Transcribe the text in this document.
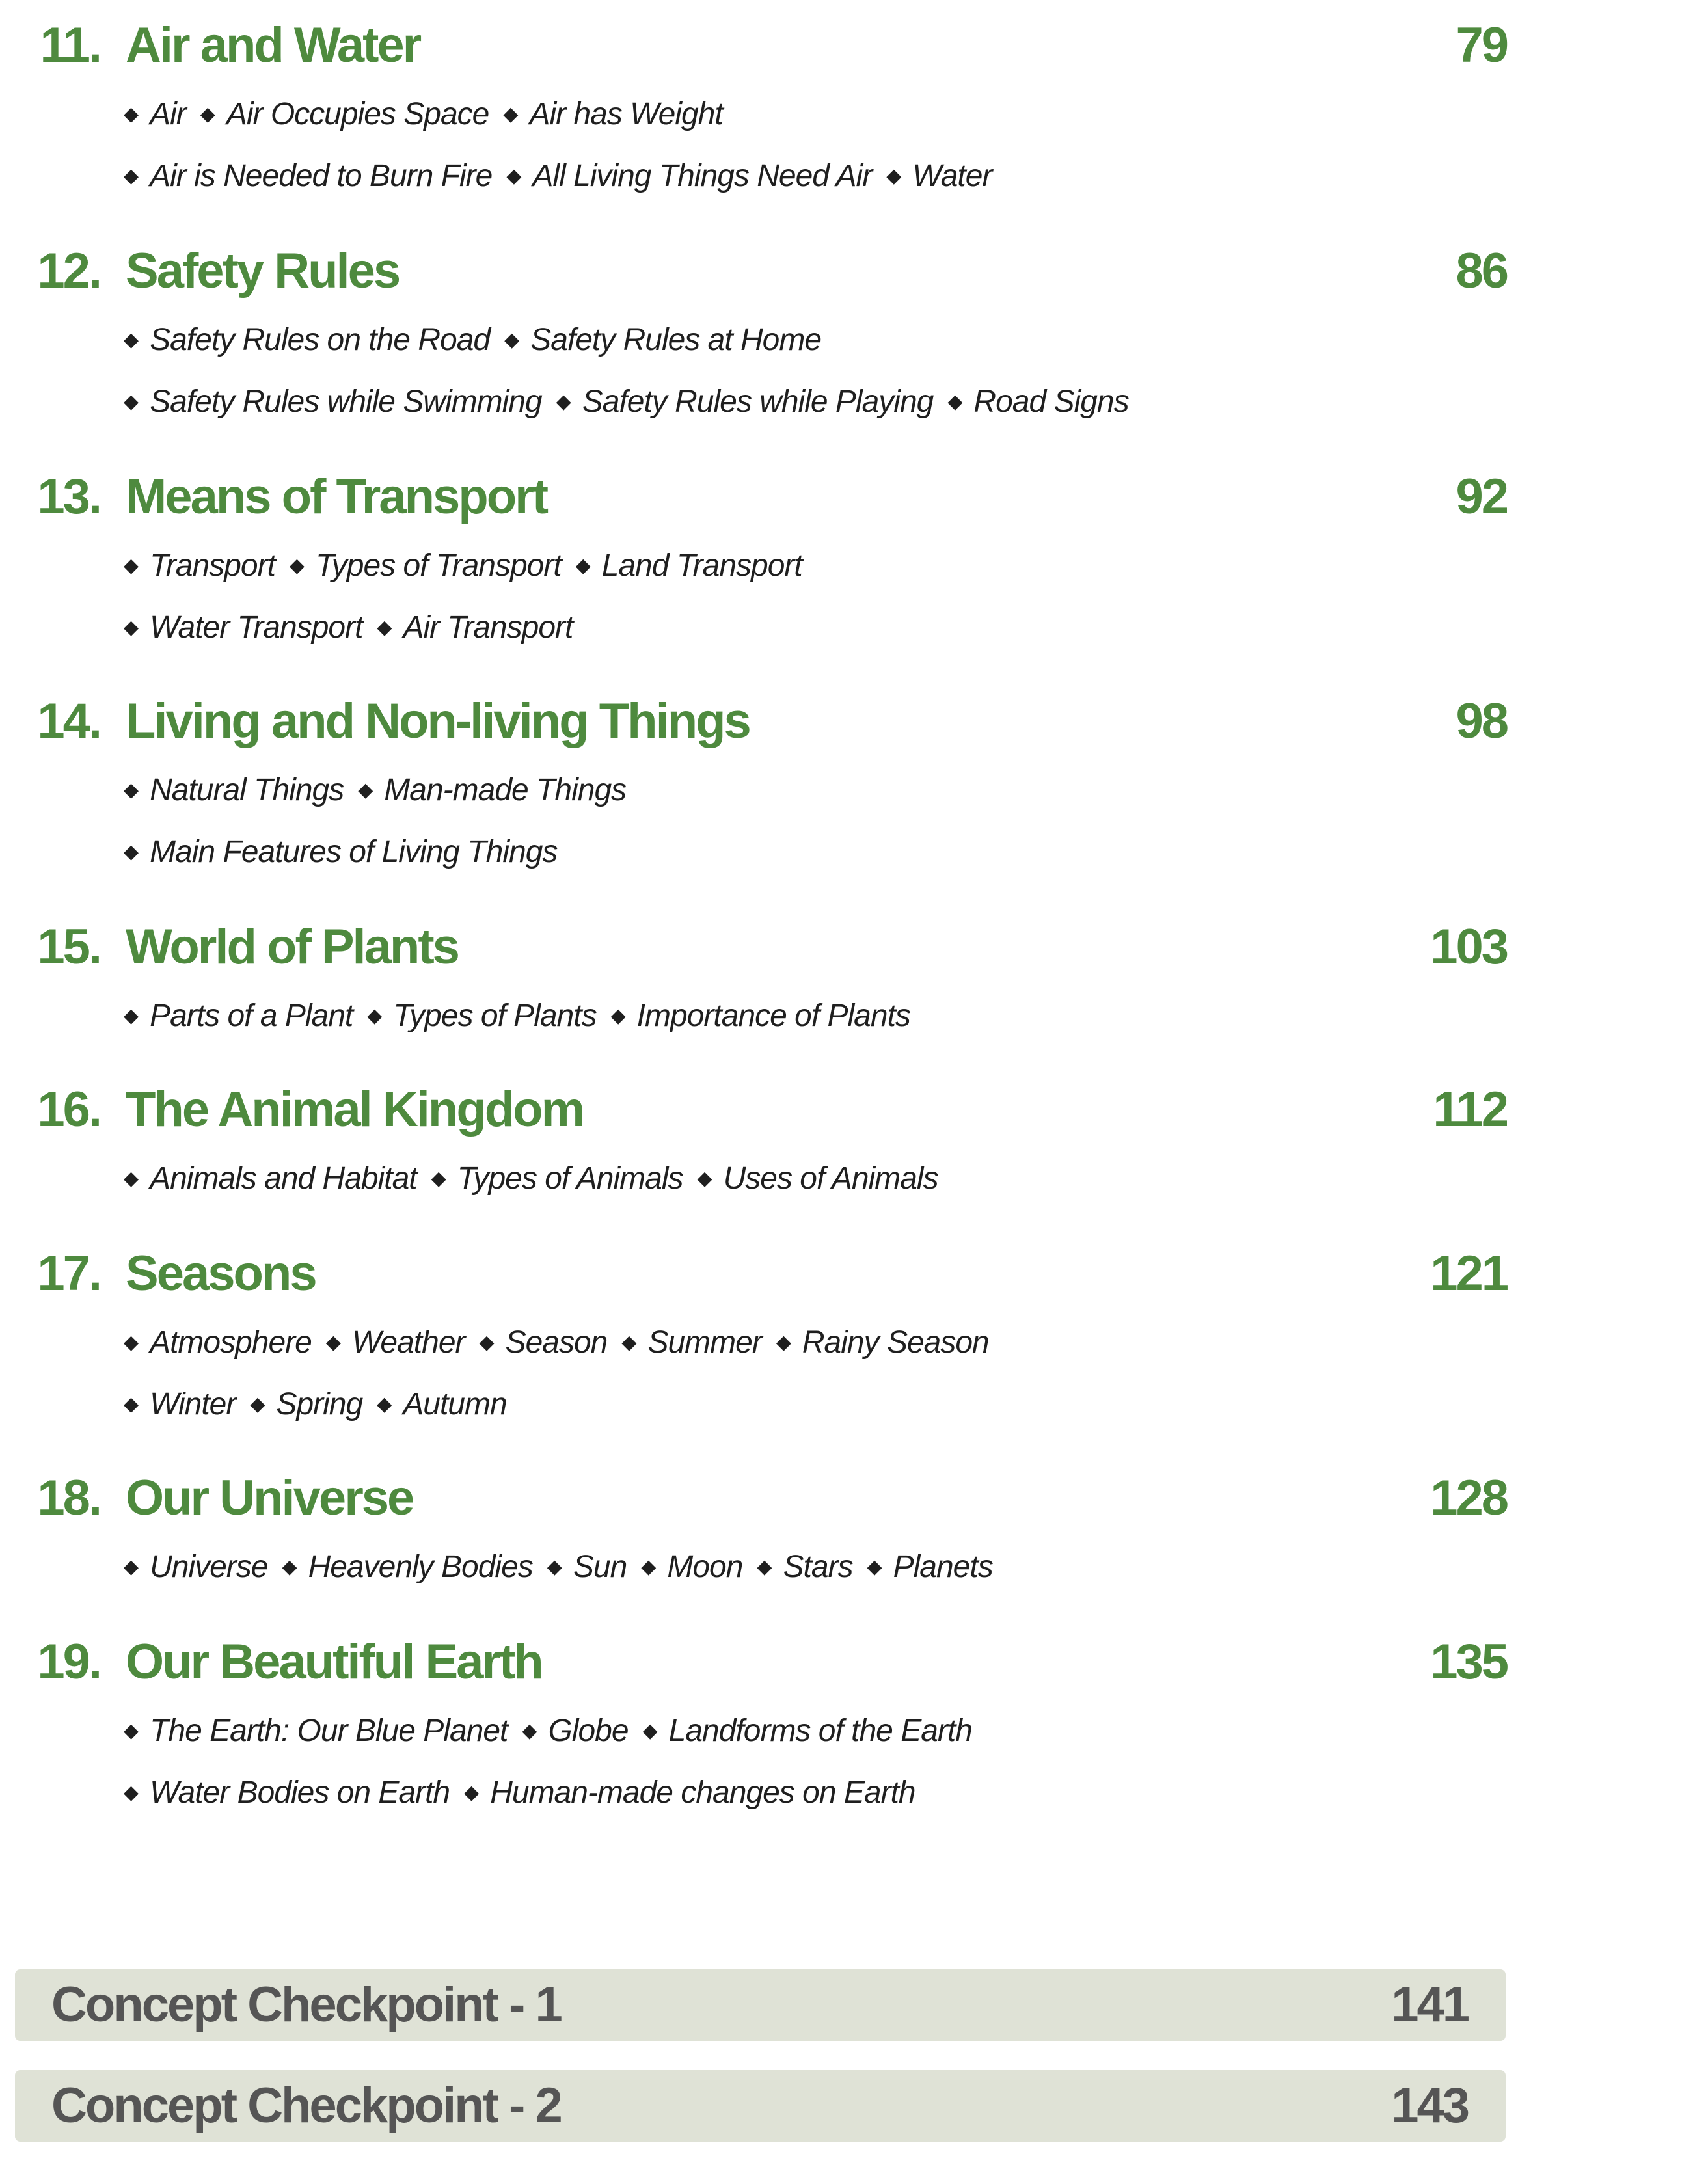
11. Air and Water	79
◆ Air ◆ Air Occupies Space ◆ Air has Weight
◆ Air is Needed to Burn Fire ◆ All Living Things Need Air ◆ Water
12. Safety Rules	86
◆ Safety Rules on the Road ◆ Safety Rules at Home
◆ Safety Rules while Swimming ◆ Safety Rules while Playing ◆ Road Signs
13. Means of Transport	92
◆ Transport ◆ Types of Transport ◆ Land Transport
◆ Water Transport ◆ Air Transport
14. Living and Non-living Things	98
◆ Natural Things ◆ Man-made Things
◆ Main Features of Living Things
15. World of Plants	103
◆ Parts of a Plant ◆ Types of Plants ◆ Importance of Plants
16. The Animal Kingdom	112
◆ Animals and Habitat ◆ Types of Animals ◆ Uses of Animals
17. Seasons	121
◆ Atmosphere ◆ Weather ◆ Season ◆ Summer ◆ Rainy Season
◆ Winter ◆ Spring ◆ Autumn
18. Our Universe	128
◆ Universe ◆ Heavenly Bodies ◆ Sun ◆ Moon ◆ Stars ◆ Planets
19. Our Beautiful Earth	135
◆ The Earth: Our Blue Planet ◆ Globe ◆ Landforms of the Earth
◆ Water Bodies on Earth ◆ Human-made changes on Earth
Concept Checkpoint - 1	141
Concept Checkpoint - 2	143
